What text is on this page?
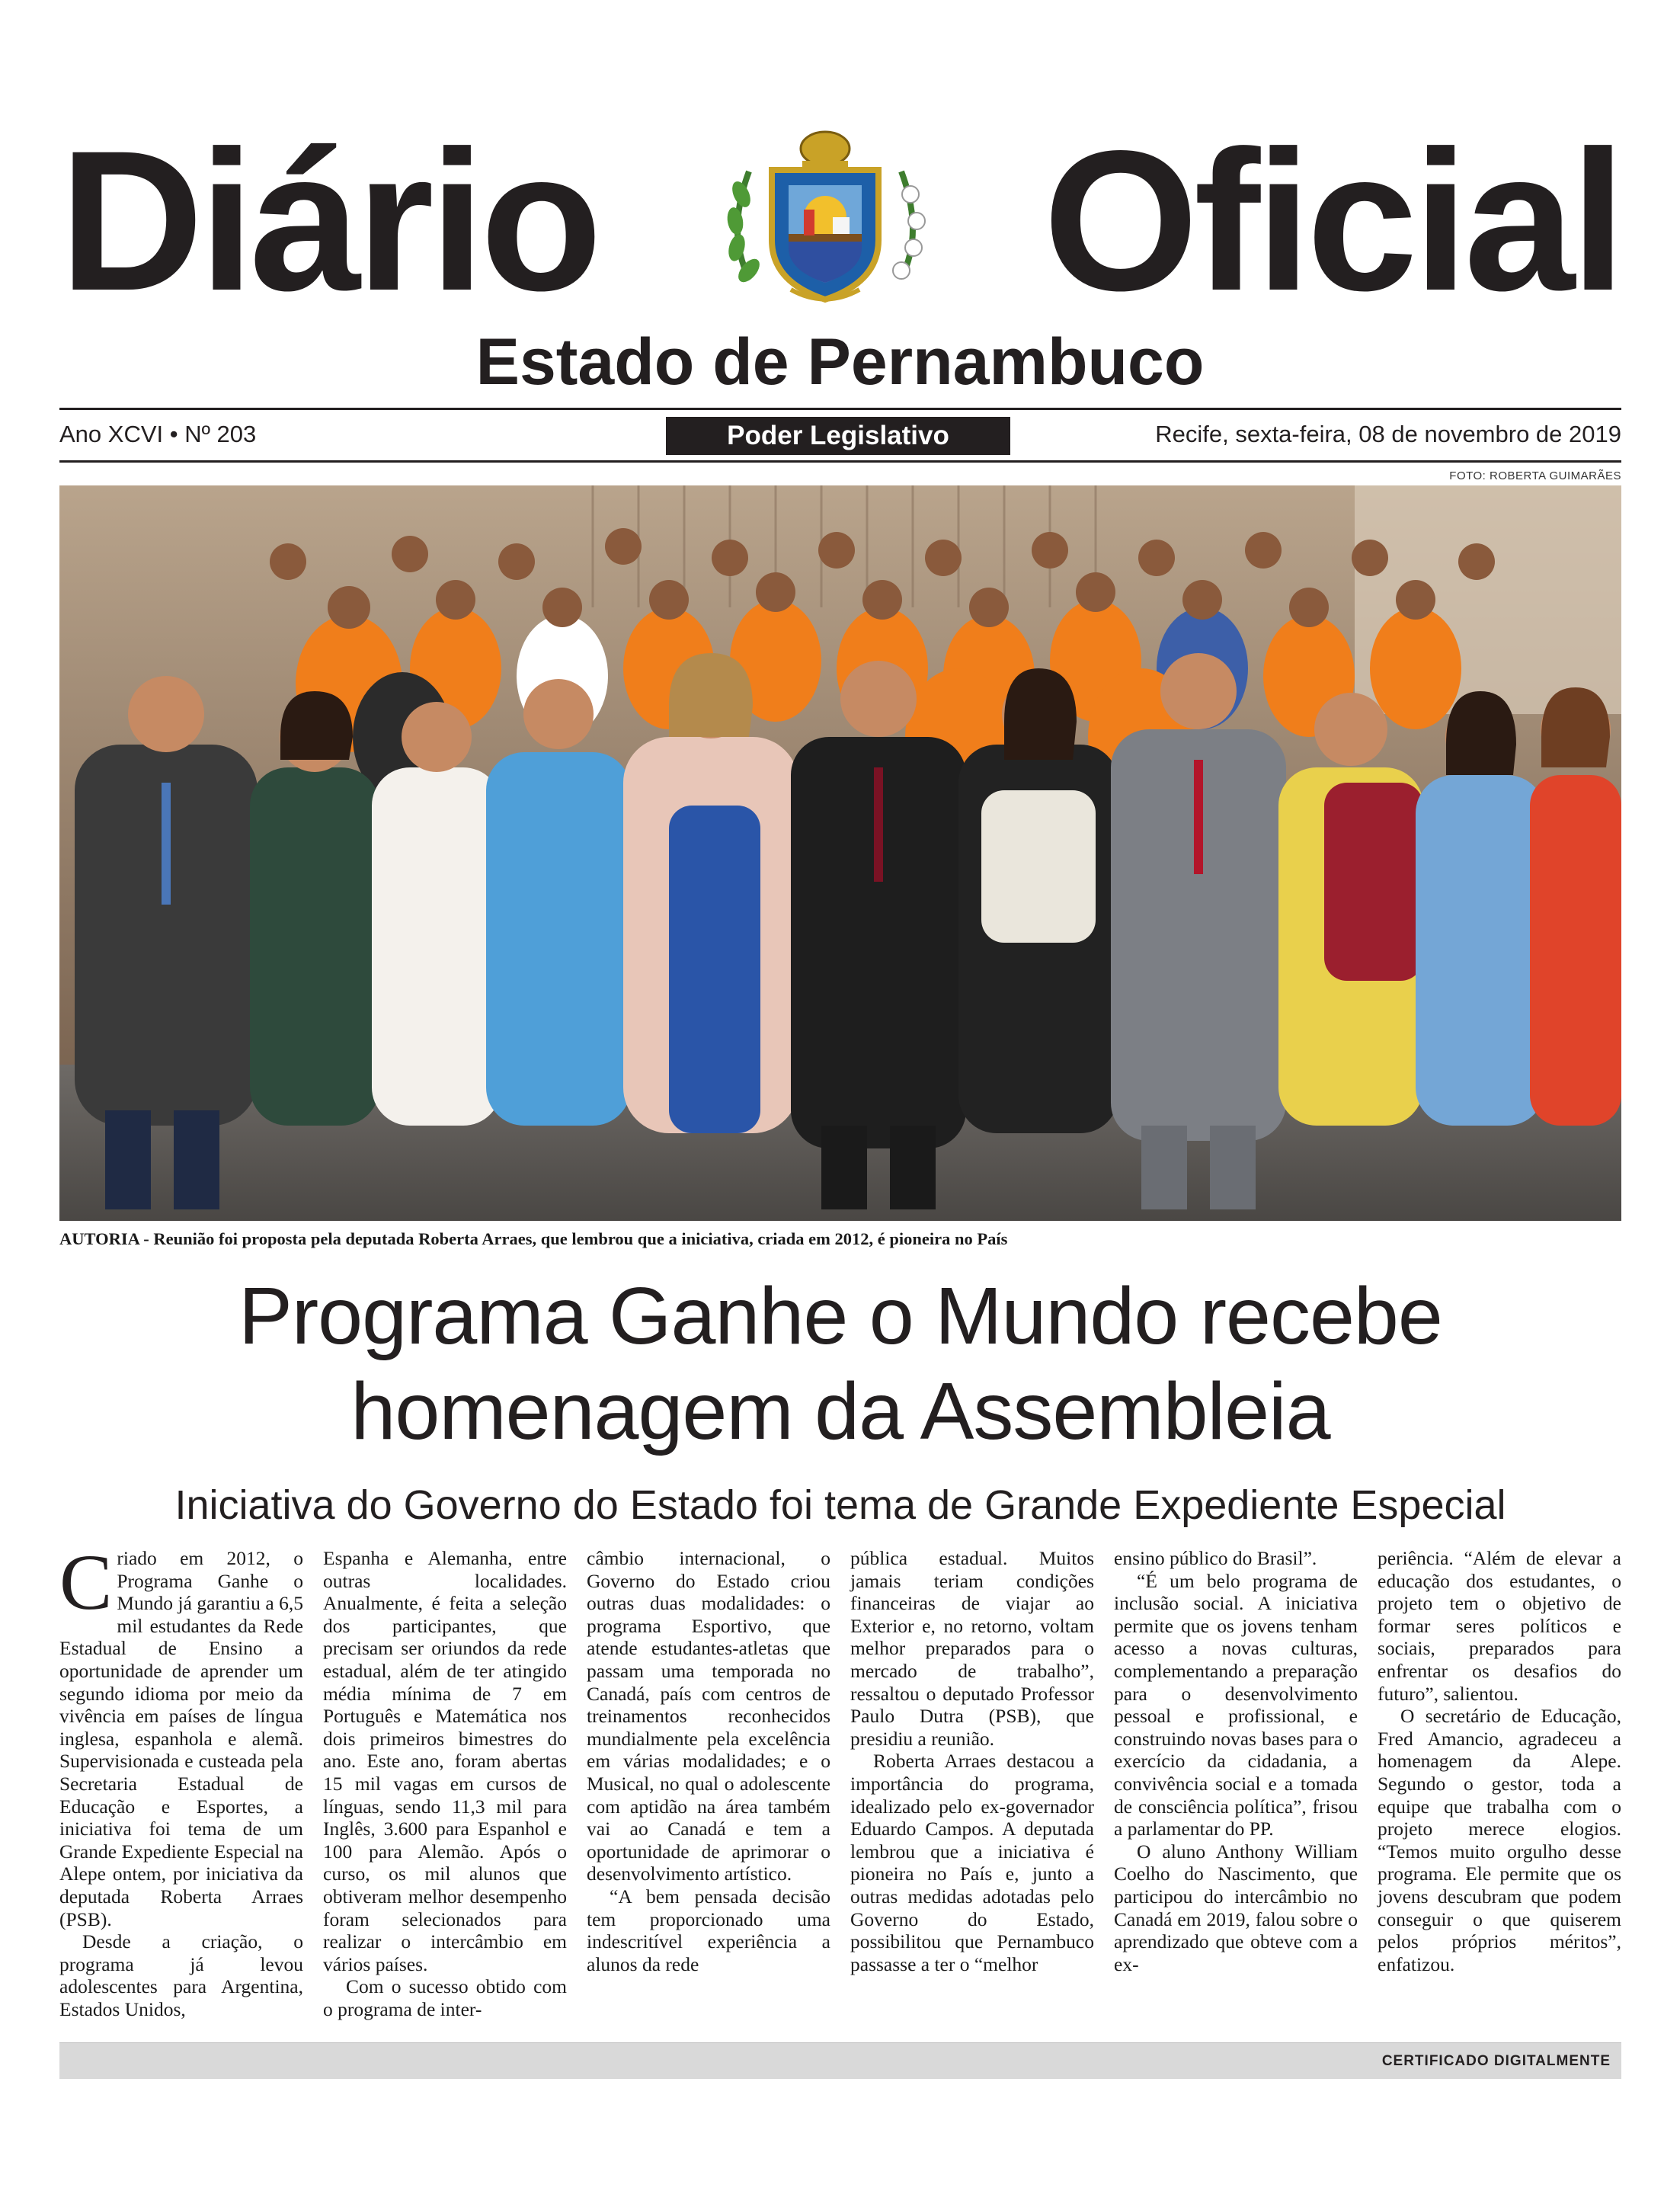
Diário Oficial
Estado de Pernambuco
Ano XCVI • Nº 203	Poder Legislativo	Recife, sexta-feira, 08 de novembro de 2019
FOTO: ROBERTA GUIMARÃES
AUTORIA - Reunião foi proposta pela deputada Roberta Arraes, que lembrou que a iniciativa, criada em 2012, é pioneira no País
Programa Ganhe o Mundo recebe
homenagem da Assembleia
Iniciativa do Governo do Estado foi tema de Grande Expediente Especial

Criado em 2012, o Programa Ganhe o Mundo já garantiu a 6,5 mil estudantes da Rede Estadual de Ensino a oportunidade de aprender um segundo idioma por meio da vivência em países de língua inglesa, espanhola e alemã. Supervisionada e custeada pela Secretaria Estadual de Educação e Esportes, a iniciativa foi tema de um Grande Expediente Especial na Alepe ontem, por iniciativa da deputada Roberta Arraes (PSB).

Desde a criação, o programa já levou adolescentes para Argentina, Estados Unidos,

Espanha e Alemanha, entre outras localidades. Anualmente, é feita a seleção dos participantes, que precisam ser oriundos da rede estadual, além de ter atingido média mínima de 7 em Português e Matemática nos dois primeiros bimestres do ano. Este ano, foram abertas 15 mil vagas em cursos de línguas, sendo 11,3 mil para Inglês, 3.600 para Espanhol e 100 para Alemão. Após o curso, os mil alunos que obtiveram melhor desempenho foram selecionados para realizar o intercâmbio em vários países.

Com o sucesso obtido com o programa de inter-

câmbio internacional, o Governo do Estado criou outras duas modalidades: o programa Esportivo, que atende estudantes-atletas que passam uma temporada no Canadá, país com centros de treinamentos reconhecidos mundialmente pela excelência em várias modalidades; e o Musical, no qual o adolescente com aptidão na área também vai ao Canadá e tem a oportunidade de aprimorar o desenvolvimento artístico.

“A bem pensada decisão tem proporcionado uma indescritível experiência a alunos da rede

pública estadual. Muitos jamais teriam condições financeiras de viajar ao Exterior e, no retorno, voltam melhor preparados para o mercado de trabalho”, ressaltou o deputado Professor Paulo Dutra (PSB), que presidiu a reunião.

Roberta Arraes destacou a importância do programa, idealizado pelo ex-governador Eduardo Campos. A deputada lembrou que a iniciativa é pioneira no País e, junto a outras medidas adotadas pelo Governo do Estado, possibilitou que Pernambuco passasse a ter o “melhor

ensino público do Brasil”.

“É um belo programa de inclusão social. A iniciativa permite que os jovens tenham acesso a novas culturas, complementando a preparação para o desenvolvimento pessoal e profissional, e construindo novas bases para o exercício da cidadania, a convivência social e a tomada de consciência política”, frisou a parlamentar do PP.

O aluno Anthony William Coelho do Nascimento, que participou do intercâmbio no Canadá em 2019, falou sobre o aprendizado que obteve com a ex-

periência. “Além de elevar a educação dos estudantes, o projeto tem o objetivo de formar seres políticos e sociais, preparados para enfrentar os desafios do futuro”, salientou.

O secretário de Educação, Fred Amancio, agradeceu a homenagem da Alepe. Segundo o gestor, toda a equipe que trabalha com o projeto merece elogios. “Temos muito orgulho desse programa. Ele permite que os jovens descubram que podem conseguir o que quiserem pelos próprios méritos”, enfatizou.

CERTIFICADO DIGITALMENTE
